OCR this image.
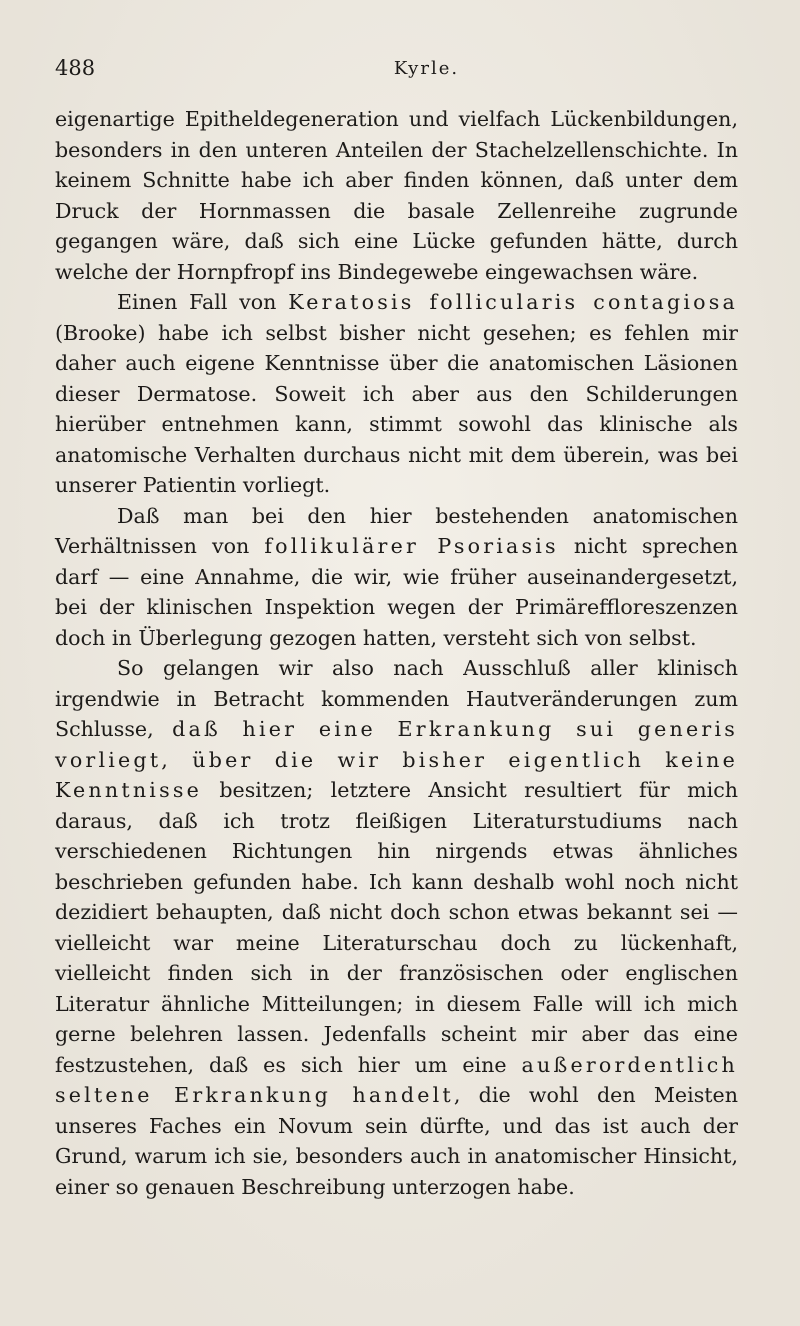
488	Kyrle.

eigenartige Epitheldegeneration und vielfach Lückenbildungen, besonders in den unteren Anteilen der Stachelzellenschichte. In keinem Schnitte habe ich aber finden können, daß unter dem Druck der Hornmassen die basale Zellenreihe zugrunde gegangen wäre, daß sich eine Lücke gefunden hätte, durch welche der Hornpfropf ins Bindegewebe eingewachsen wäre.

Einen Fall von Keratosis follicularis contagiosa (Brooke) habe ich selbst bisher nicht gesehen; es fehlen mir daher auch eigene Kenntnisse über die anatomischen Läsionen dieser Dermatose. Soweit ich aber aus den Schilderungen hierüber entnehmen kann, stimmt sowohl das klinische als anatomische Verhalten durchaus nicht mit dem überein, was bei unserer Patientin vorliegt.

Daß man bei den hier bestehenden anatomischen Verhältnissen von follikulärer Psoriasis nicht sprechen darf — eine Annahme, die wir, wie früher auseinandergesetzt, bei der klinischen Inspektion wegen der Primäreffloreszenzen doch in Überlegung gezogen hatten, versteht sich von selbst.

So gelangen wir also nach Ausschluß aller klinisch irgendwie in Betracht kommenden Hautveränderungen zum Schlusse, daß hier eine Erkrankung sui generis vorliegt, über die wir bisher eigentlich keine Kenntnisse besitzen; letztere Ansicht resultiert für mich daraus, daß ich trotz fleißigen Literaturstudiums nach verschiedenen Richtungen hin nirgends etwas ähnliches beschrieben gefunden habe. Ich kann deshalb wohl noch nicht dezidiert behaupten, daß nicht doch schon etwas bekannt sei — vielleicht war meine Literaturschau doch zu lückenhaft, vielleicht finden sich in der französischen oder englischen Literatur ähnliche Mitteilungen; in diesem Falle will ich mich gerne belehren lassen. Jedenfalls scheint mir aber das eine festzustehen, daß es sich hier um eine außerordentlich seltene Erkrankung handelt, die wohl den Meisten unseres Faches ein Novum sein dürfte, und das ist auch der Grund, warum ich sie, besonders auch in anatomischer Hinsicht, einer so genauen Beschreibung unterzogen habe.
